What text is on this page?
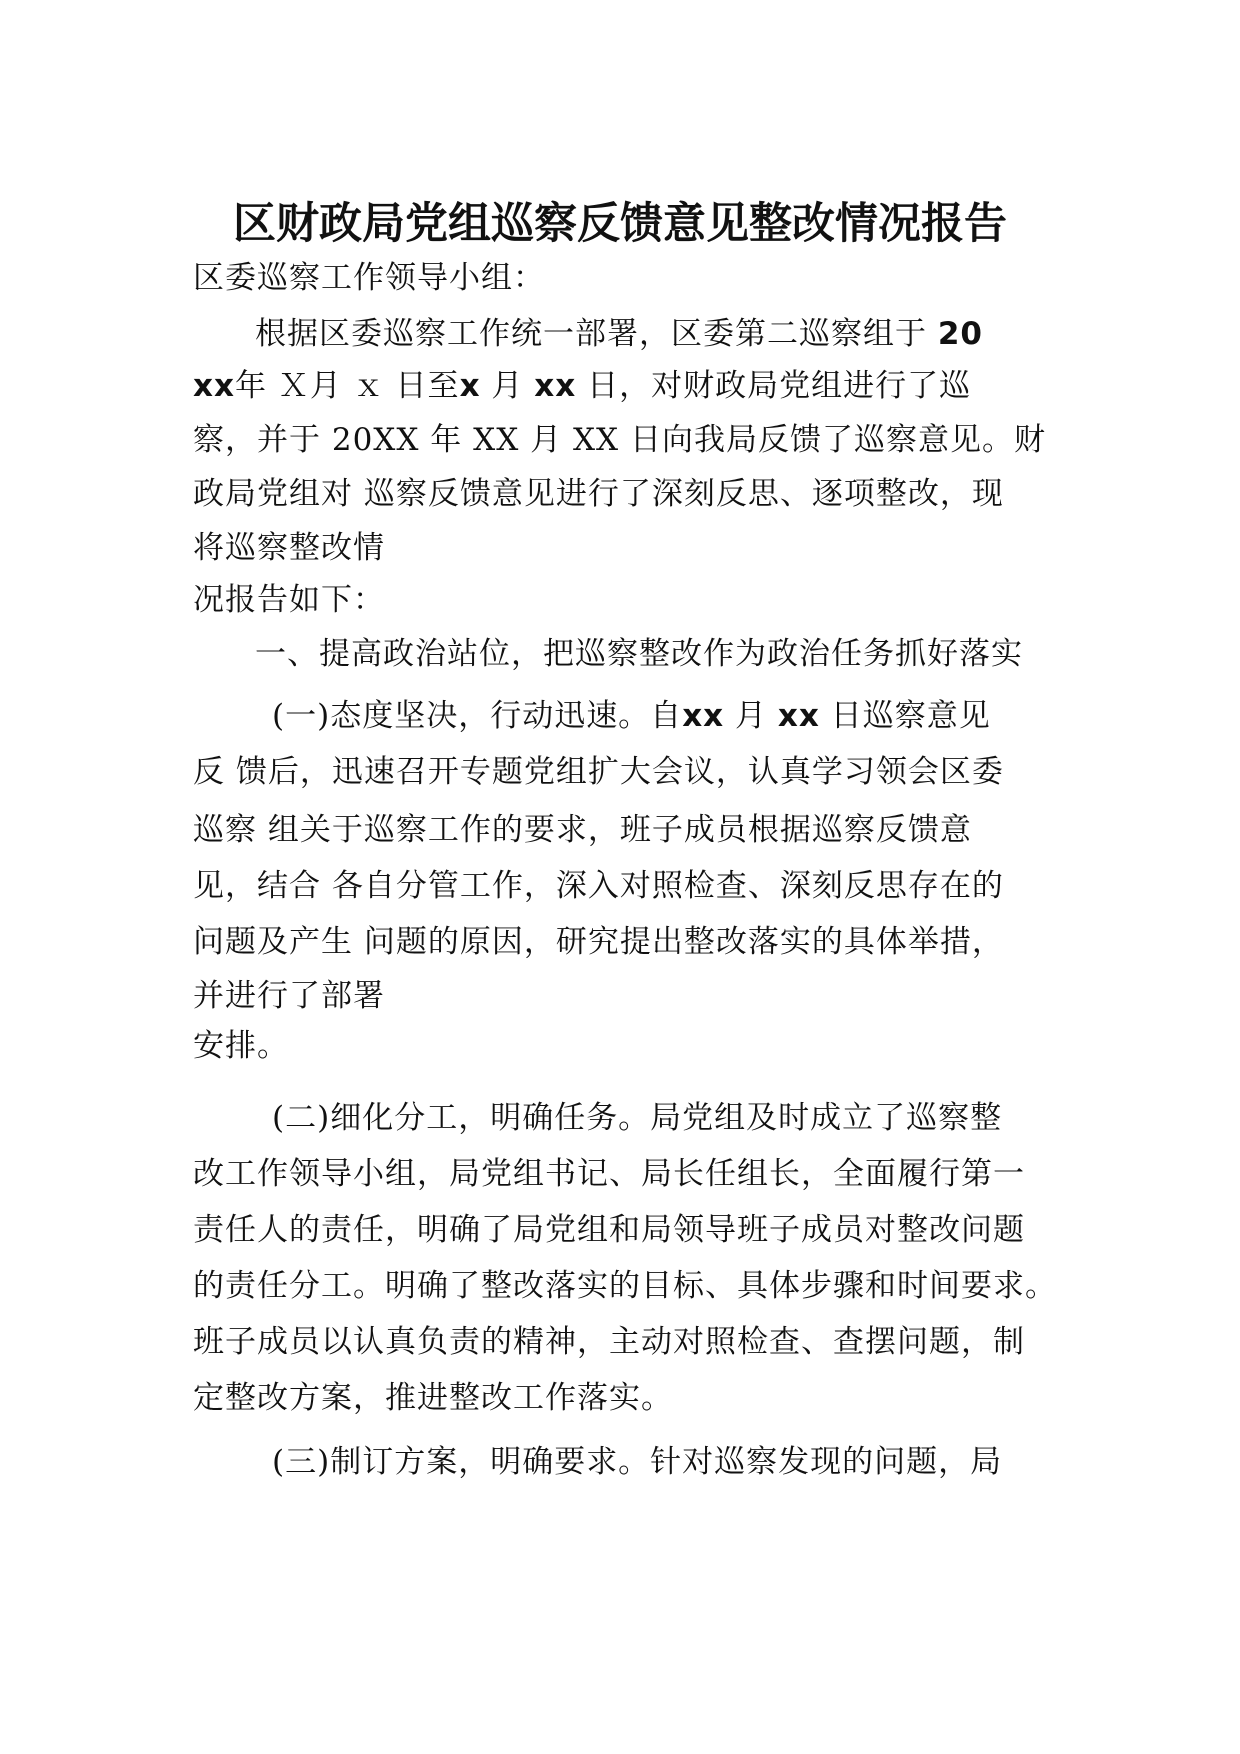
区财政局党组巡察反馈意见整改情况报告
区委巡察工作领导小组：
根据区委巡察工作统一部署，区委第二巡察组于 20
xx年 Ｘ月 ｘ 日至x 月 xx 日，对财政局党组进行了巡
察，并于 20XX 年 XX 月 XX 日向我局反馈了巡察意见。财
政局党组对 巡察反馈意见进行了深刻反思、逐项整改，现
将巡察整改情
况报告如下：
一、提高政治站位，把巡察整改作为政治任务抓好落实
(一)态度坚决，行动迅速。自xx 月 xx 日巡察意见
反 馈后，迅速召开专题党组扩大会议，认真学习领会区委
巡察 组关于巡察工作的要求，班子成员根据巡察反馈意
见，结合 各自分管工作，深入对照检查、深刻反思存在的
问题及产生 问题的原因，研究提出整改落实的具体举措，
并进行了部署
安排。
(二)细化分工，明确任务。局党组及时成立了巡察整
改工作领导小组，局党组书记、局长任组长，全面履行第一
责任人的责任，明确了局党组和局领导班子成员对整改问题
的责任分工。明确了整改落实的目标、具体步骤和时间要求。
班子成员以认真负责的精神，主动对照检查、查摆问题，制
定整改方案，推进整改工作落实。
(三)制订方案，明确要求。针对巡察发现的问题，局
